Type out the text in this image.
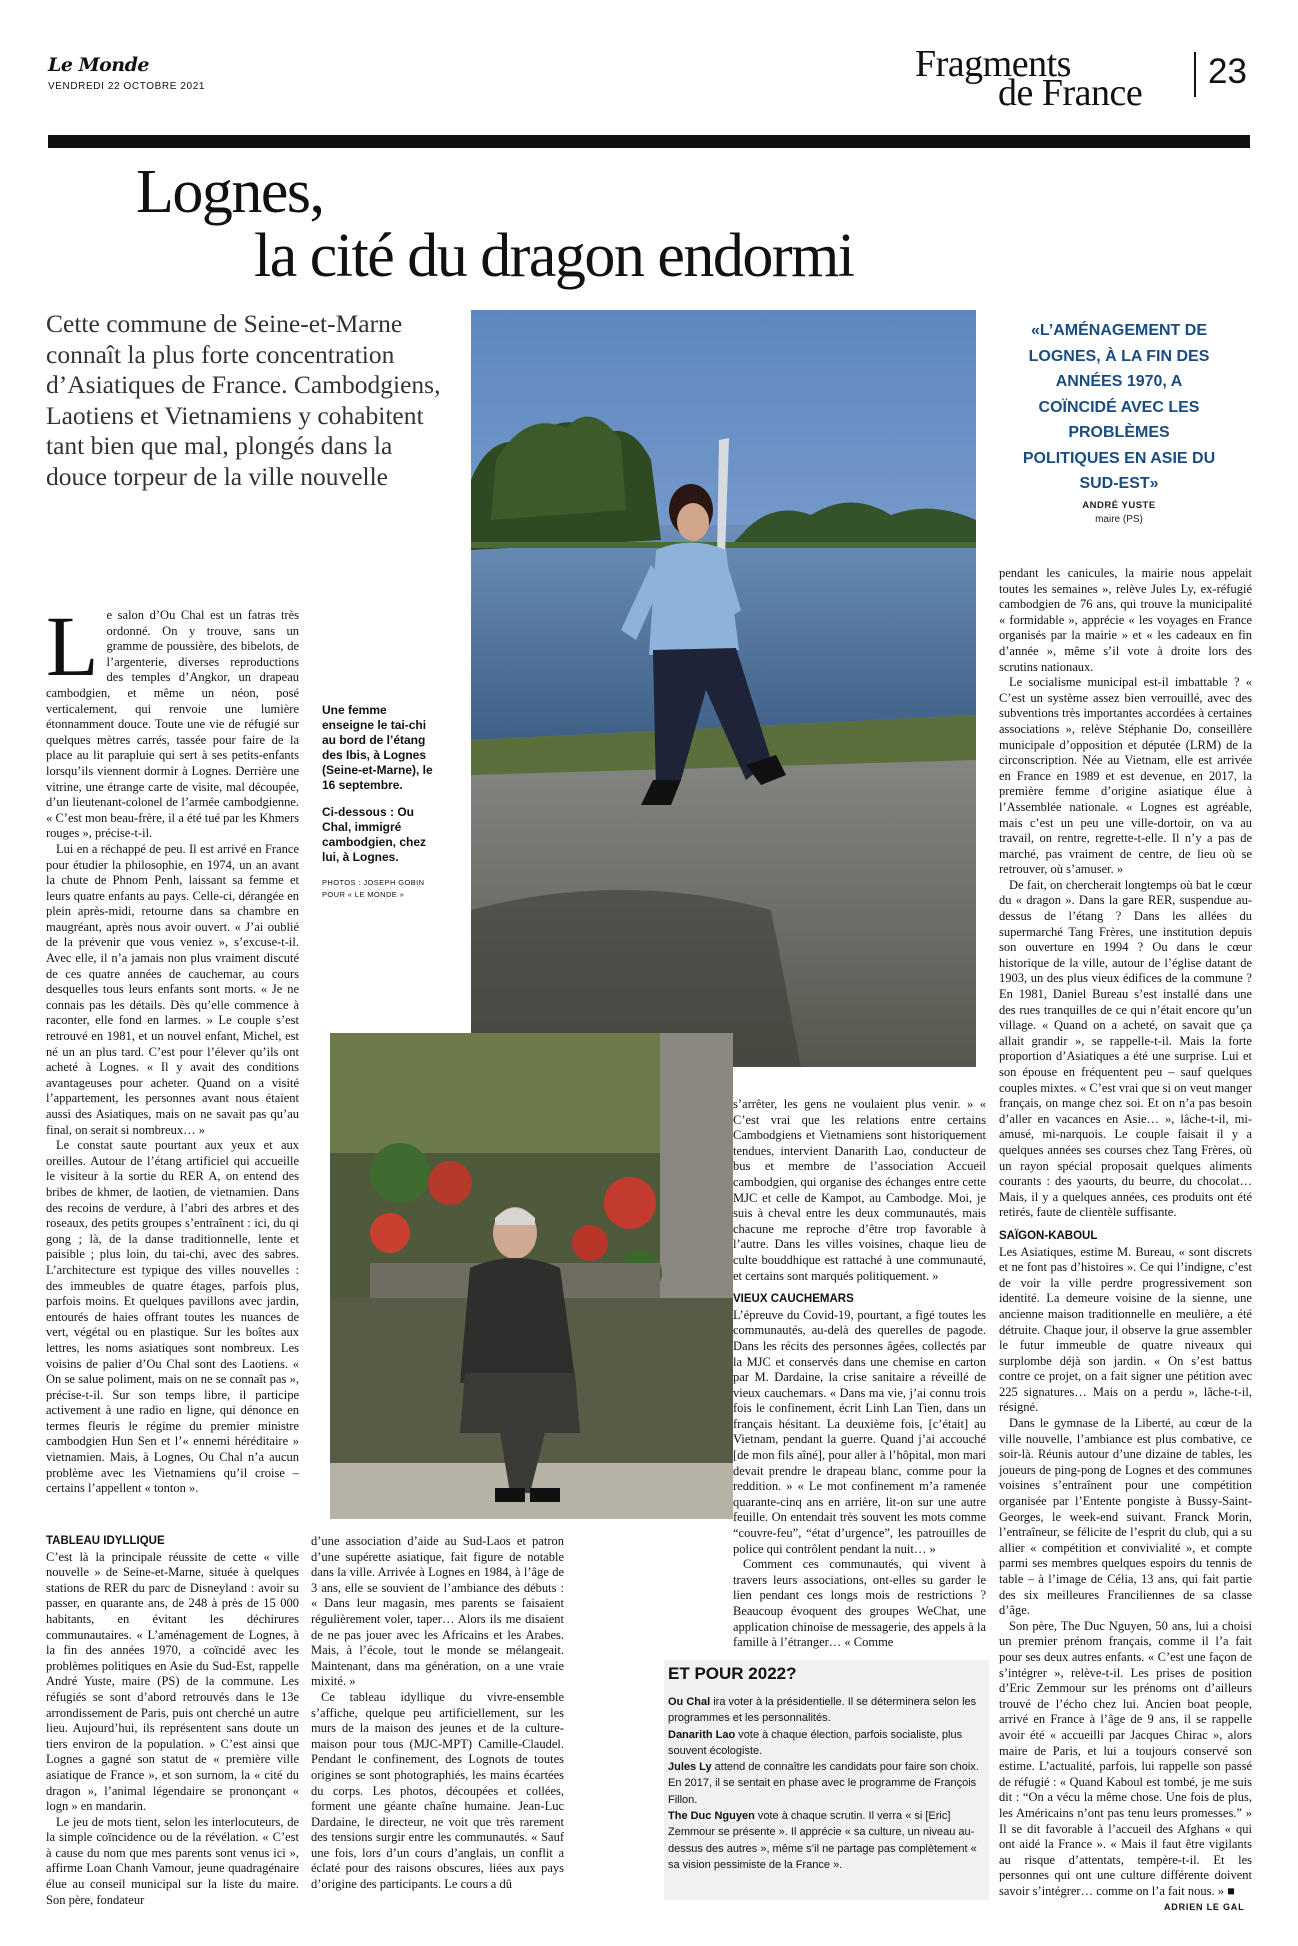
Le Monde
VENDREDI 22 OCTOBRE 2021
Fragments
de France
23
Lognes,
la cité du dragon endormi
Cette commune de Seine-et-Marne connaît la plus forte concentration d’Asiatiques de France. Cambodgiens, Laotiens et Vietnamiens y cohabitent tant bien que mal, plongés dans la douce torpeur de la ville nouvelle

Une femme enseigne le tai-chi au bord de l’étang des Ibis, à Lognes (Seine-et-Marne), le 16 septembre.

Ci-dessous : Ou Chal, immigré cambodgien, chez lui, à Lognes.

PHOTOS : JOSEPH GOBIN
POUR « LE MONDE »
«L’AMÉNAGEMENT DE LOGNES, À LA FIN DES ANNÉES 1970, A COÏNCIDÉ AVEC LES PROBLÈMES POLITIQUES EN ASIE DU SUD-EST»
ANDRÉ YUSTE
maire (PS)

Le salon d’Ou Chal est un fatras très ordonné. On y trouve, sans un gramme de poussière, des bibelots, de l’argenterie, diverses reproductions des temples d’Angkor, un drapeau cambodgien, et même un néon, posé verticalement, qui renvoie une lumière étonnamment douce. Toute une vie de réfugié sur quelques mètres carrés, tassée pour faire de la place au lit parapluie qui sert à ses petits-enfants lorsqu’ils viennent dormir à Lognes. Derrière une vitrine, une étrange carte de visite, mal découpée, d’un lieutenant-colonel de l’armée cambodgienne. « C’est mon beau-frère, il a été tué par les Khmers rouges », précise-t-il.

Lui en a réchappé de peu. Il est arrivé en France pour étudier la philosophie, en 1974, un an avant la chute de Phnom Penh, laissant sa femme et leurs quatre enfants au pays. Celle-ci, dérangée en plein après-midi, retourne dans sa chambre en maugréant, après nous avoir ouvert. « J’ai oublié de la prévenir que vous veniez », s’excuse-t-il. Avec elle, il n’a jamais non plus vraiment discuté de ces quatre années de cauchemar, au cours desquelles tous leurs enfants sont morts. « Je ne connais pas les détails. Dès qu’elle commence à raconter, elle fond en larmes. » Le couple s’est retrouvé en 1981, et un nouvel enfant, Michel, est né un an plus tard. C’est pour l’élever qu’ils ont acheté à Lognes. « Il y avait des conditions avantageuses pour acheter. Quand on a visité l’appartement, les personnes avant nous étaient aussi des Asiatiques, mais on ne savait pas qu’au final, on serait si nombreux… »

Le constat saute pourtant aux yeux et aux oreilles. Autour de l’étang artificiel qui accueille le visiteur à la sortie du RER A, on entend des bribes de khmer, de laotien, de vietnamien. Dans des recoins de verdure, à l’abri des arbres et des roseaux, des petits groupes s’entraînent : ici, du qi gong ; là, de la danse traditionnelle, lente et paisible ; plus loin, du tai-chi, avec des sabres. L’architecture est typique des villes nouvelles : des immeubles de quatre étages, parfois plus, parfois moins. Et quelques pavillons avec jardin, entourés de haies offrant toutes les nuances de vert, végétal ou en plastique. Sur les boîtes aux lettres, les noms asiatiques sont nombreux. Les voisins de palier d’Ou Chal sont des Laotiens. « On se salue poliment, mais on ne se connaît pas », précise-t-il. Sur son temps libre, il participe activement à une radio en ligne, qui dénonce en termes fleuris le régime du premier ministre cambodgien Hun Sen et l’« ennemi héréditaire » vietnamien. Mais, à Lognes, Ou Chal n’a aucun problème avec les Vietnamiens qu’il croise – certains l’appellent « tonton ».

TABLEAU IDYLLIQUE

C’est là la principale réussite de cette « ville nouvelle » de Seine-et-Marne, située à quelques stations de RER du parc de Disneyland : avoir su passer, en quarante ans, de 248 à près de 15 000 habitants, en évitant les déchirures communautaires. « L’aménagement de Lognes, à la fin des années 1970, a coïncidé avec les problèmes politiques en Asie du Sud-Est, rappelle André Yuste, maire (PS) de la commune. Les réfugiés se sont d’abord retrouvés dans le 13e arrondissement de Paris, puis ont cherché un autre lieu. Aujourd’hui, ils représentent sans doute un tiers environ de la population. » C’est ainsi que Lognes a gagné son statut de « première ville asiatique de France », et son surnom, la « cité du dragon », l’animal légendaire se prononçant « logn » en mandarin.

Le jeu de mots tient, selon les interlocuteurs, de la simple coïncidence ou de la révélation. « C’est à cause du nom que mes parents sont venus ici », affirme Loan Chanh Vamour, jeune quadragénaire élue au conseil municipal sur la liste du maire. Son père, fondateur

d’une association d’aide au Sud-Laos et patron d’une supérette asiatique, fait figure de notable dans la ville. Arrivée à Lognes en 1984, à l’âge de 3 ans, elle se souvient de l’ambiance des débuts : « Dans leur magasin, mes parents se faisaient régulièrement voler, taper… Alors ils me disaient de ne pas jouer avec les Africains et les Arabes. Mais, à l’école, tout le monde se mélangeait. Maintenant, dans ma génération, on a une vraie mixité. »

Ce tableau idyllique du vivre-ensemble s’affiche, quelque peu artificiellement, sur les murs de la maison des jeunes et de la culture-maison pour tous (MJC-MPT) Camille-Claudel. Pendant le confinement, des Lognots de toutes origines se sont photographiés, les mains écartées du corps. Les photos, découpées et collées, forment une géante chaîne humaine. Jean-Luc Dardaine, le directeur, ne voit que très rarement des tensions surgir entre les communautés. « Sauf une fois, lors d’un cours d’anglais, un conflit a éclaté pour des raisons obscures, liées aux pays d’origine des participants. Le cours a dû

s’arrêter, les gens ne voulaient plus venir. » « C’est vrai que les relations entre certains Cambodgiens et Vietnamiens sont historiquement tendues, intervient Danarith Lao, conducteur de bus et membre de l’association Accueil cambodgien, qui organise des échanges entre cette MJC et celle de Kampot, au Cambodge. Moi, je suis à cheval entre les deux communautés, mais chacune me reproche d’être trop favorable à l’autre. Dans les villes voisines, chaque lieu de culte bouddhique est rattaché à une communauté, et certains sont marqués politiquement. »

VIEUX CAUCHEMARS

L’épreuve du Covid-19, pourtant, a figé toutes les communautés, au-delà des querelles de pagode. Dans les récits des personnes âgées, collectés par la MJC et conservés dans une chemise en carton par M. Dardaine, la crise sanitaire a réveillé de vieux cauchemars. « Dans ma vie, j’ai connu trois fois le confinement, écrit Linh Lan Tien, dans un français hésitant. La deuxième fois, [c’était] au Vietnam, pendant la guerre. Quand j’ai accouché [de mon fils aîné], pour aller à l’hôpital, mon mari devait prendre le drapeau blanc, comme pour la reddition. » « Le mot confinement m’a ramenée quarante-cinq ans en arrière, lit-on sur une autre feuille. On entendait très souvent les mots comme “couvre-feu”, “état d’urgence”, les patrouilles de police qui contrôlent pendant la nuit… »

Comment ces communautés, qui vivent à travers leurs associations, ont-elles su garder le lien pendant ces longs mois de restrictions ? Beaucoup évoquent des groupes WeChat, une application chinoise de messagerie, des appels à la famille à l’étranger… « Comme

pendant les canicules, la mairie nous appelait toutes les semaines », relève Jules Ly, ex-réfugié cambodgien de 76 ans, qui trouve la municipalité « formidable », apprécie « les voyages en France organisés par la mairie » et « les cadeaux en fin d’année », même s’il vote à droite lors des scrutins nationaux.

Le socialisme municipal est-il imbattable ? « C’est un système assez bien verrouillé, avec des subventions très importantes accordées à certaines associations », relève Stéphanie Do, conseillère municipale d’opposition et députée (LRM) de la circonscription. Née au Vietnam, elle est arrivée en France en 1989 et est devenue, en 2017, la première femme d’origine asiatique élue à l’Assemblée nationale. « Lognes est agréable, mais c’est un peu une ville-dortoir, on va au travail, on rentre, regrette-t-elle. Il n’y a pas de marché, pas vraiment de centre, de lieu où se retrouver, où s’amuser. »

De fait, on chercherait longtemps où bat le cœur du « dragon ». Dans la gare RER, suspendue au-dessus de l’étang ? Dans les allées du supermarché Tang Frères, une institution depuis son ouverture en 1994 ? Ou dans le cœur historique de la ville, autour de l’église datant de 1903, un des plus vieux édifices de la commune ? En 1981, Daniel Bureau s’est installé dans une des rues tranquilles de ce qui n’était encore qu’un village. « Quand on a acheté, on savait que ça allait grandir », se rappelle-t-il. Mais la forte proportion d’Asiatiques a été une surprise. Lui et son épouse en fréquentent peu – sauf quelques couples mixtes. « C’est vrai que si on veut manger français, on mange chez soi. Et on n’a pas besoin d’aller en vacances en Asie… », lâche-t-il, mi-amusé, mi-narquois. Le couple faisait il y a quelques années ses courses chez Tang Frères, où un rayon spécial proposait quelques aliments courants : des yaourts, du beurre, du chocolat… Mais, il y a quelques années, ces produits ont été retirés, faute de clientèle suffisante.

SAÏGON-KABOUL

Les Asiatiques, estime M. Bureau, « sont discrets et ne font pas d’histoires ». Ce qui l’indigne, c’est de voir la ville perdre progressivement son identité. La demeure voisine de la sienne, une ancienne maison traditionnelle en meulière, a été détruite. Chaque jour, il observe la grue assembler le futur immeuble de quatre niveaux qui surplombe déjà son jardin. « On s’est battus contre ce projet, on a fait signer une pétition avec 225 signatures… Mais on a perdu », lâche-t-il, résigné.

Dans le gymnase de la Liberté, au cœur de la ville nouvelle, l’ambiance est plus combative, ce soir-là. Réunis autour d’une dizaine de tables, les joueurs de ping-pong de Lognes et des communes voisines s’entraînent pour une compétition organisée par l’Entente pongiste à Bussy-Saint-Georges, le week-end suivant. Franck Morin, l’entraîneur, se félicite de l’esprit du club, qui a su allier « compétition et convivialité », et compte parmi ses membres quelques espoirs du tennis de table – à l’image de Célia, 13 ans, qui fait partie des six meilleures Franciliennes de sa classe d’âge.

Son père, The Duc Nguyen, 50 ans, lui a choisi un premier prénom français, comme il l’a fait pour ses deux autres enfants. « C’est une façon de s’intégrer », relève-t-il. Les prises de position d’Eric Zemmour sur les prénoms ont d’ailleurs trouvé de l’écho chez lui. Ancien boat people, arrivé en France à l’âge de 9 ans, il se rappelle avoir été « accueilli par Jacques Chirac », alors maire de Paris, et lui a toujours conservé son estime. L’actualité, parfois, lui rappelle son passé de réfugié : « Quand Kaboul est tombé, je me suis dit : “On a vécu la même chose. Une fois de plus, les Américains n’ont pas tenu leurs promesses.” » Il se dit favorable à l’accueil des Afghans « qui ont aidé la France ». « Mais il faut être vigilants au risque d’attentats, tempère-t-il. Et les personnes qui ont une culture différente doivent savoir s’intégrer… comme on l’a fait nous. » ■

ET POUR 2022?

Ou Chal ira voter à la présidentielle. Il se déterminera selon les programmes et les personnalités.

Danarith Lao vote à chaque élection, parfois socialiste, plus souvent écologiste.

Jules Ly attend de connaître les candidats pour faire son choix. En 2017, il se sentait en phase avec le programme de François Fillon.

The Duc Nguyen vote à chaque scrutin. Il verra « si [Eric] Zemmour se présente ». Il apprécie « sa culture, un niveau au-dessus des autres », même s’il ne partage pas complètement « sa vision pessimiste de la France ».

ADRIEN LE GAL
